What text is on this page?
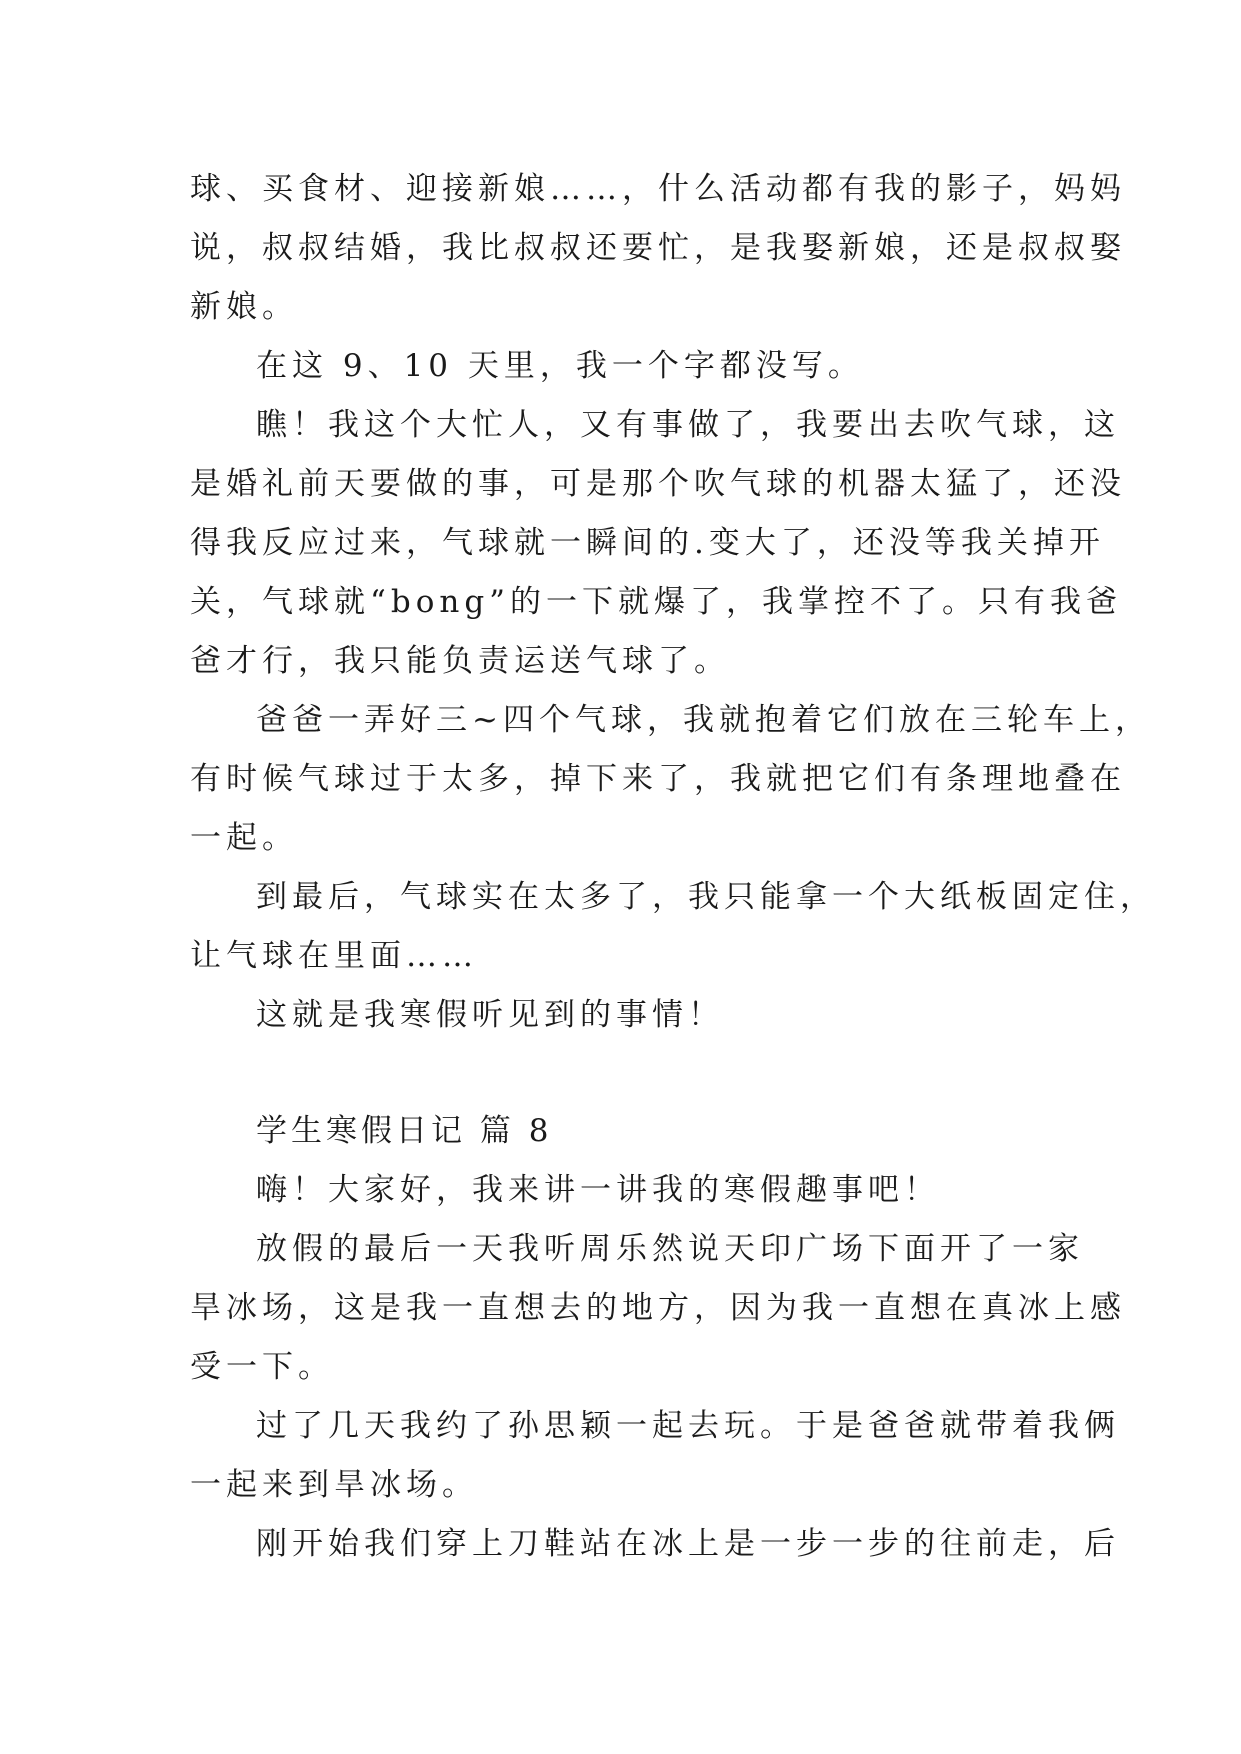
球、买食材、迎接新娘……，什么活动都有我的影子，妈妈
说，叔叔结婚，我比叔叔还要忙，是我娶新娘，还是叔叔娶
新娘。
在这 9、10 天里，我一个字都没写。
瞧！我这个大忙人，又有事做了，我要出去吹气球，这
是婚礼前天要做的事，可是那个吹气球的机器太猛了，还没
得我反应过来，气球就一瞬间的.变大了，还没等我关掉开
关，气球就“bong”的一下就爆了，我掌控不了。只有我爸
爸才行，我只能负责运送气球了。
爸爸一弄好三~四个气球，我就抱着它们放在三轮车上，
有时候气球过于太多，掉下来了，我就把它们有条理地叠在
一起。
到最后，气球实在太多了，我只能拿一个大纸板固定住，
让气球在里面……
这就是我寒假听见到的事情！
学生寒假日记 篇 8
嗨！大家好，我来讲一讲我的寒假趣事吧！
放假的最后一天我听周乐然说天印广场下面开了一家
旱冰场，这是我一直想去的地方，因为我一直想在真冰上感
受一下。
过了几天我约了孙思颖一起去玩。于是爸爸就带着我俩
一起来到旱冰场。
刚开始我们穿上刀鞋站在冰上是一步一步的往前走，后
